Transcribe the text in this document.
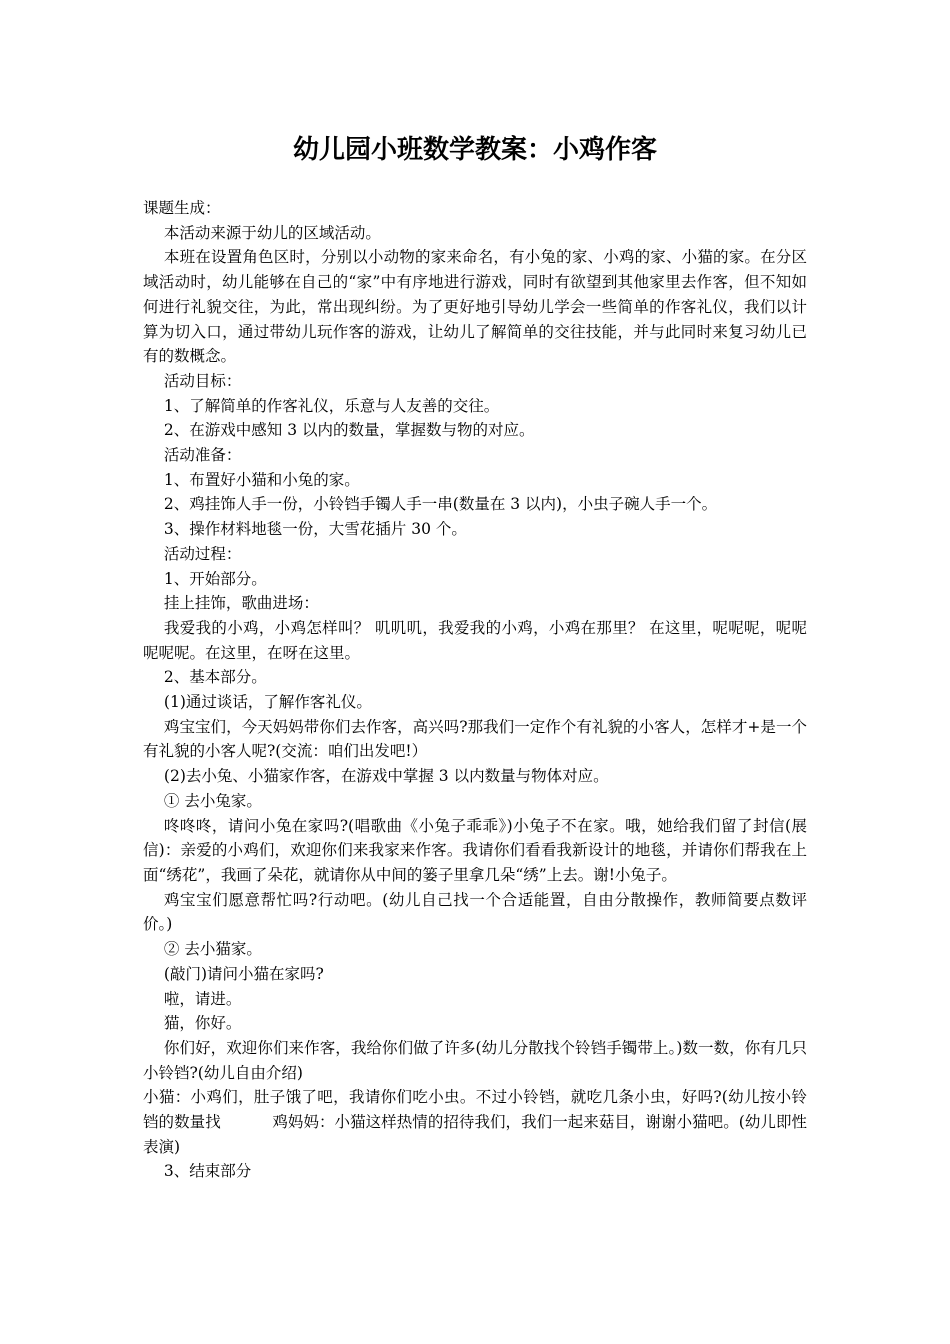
幼儿园小班数学教案：小鸡作客

课题生成：

本活动来源于幼儿的区域活动。

本班在设置角色区时，分别以小动物的家来命名，有小兔的家、小鸡的家、小猫的家。在分区域活动时，幼儿能够在自己的“家”中有序地进行游戏，同时有欲望到其他家里去作客，但不知如何进行礼貌交往，为此，常出现纠纷。为了更好地引导幼儿学会一些简单的作客礼仪，我们以计算为切入口，通过带幼儿玩作客的游戏，让幼儿了解简单的交往技能，并与此同时来复习幼儿已有的数概念。

活动目标：

1、了解简单的作客礼仪，乐意与人友善的交往。

2、在游戏中感知 3 以内的数量，掌握数与物的对应。

活动准备：

1、布置好小猫和小兔的家。

2、鸡挂饰人手一份，小铃铛手镯人手一串(数量在 3 以内)，小虫子碗人手一个。

3、操作材料地毯一份，大雪花插片 30 个。

活动过程：

1、开始部分。

挂上挂饰，歌曲进场：

我爱我的小鸡，小鸡怎样叫？ 叽叽叽，我爱我的小鸡，小鸡在那里？ 在这里，呢呢呢，呢呢　 呢呢呢。在这里，在呀在这里。

2、基本部分。

(1)通过谈话，了解作客礼仪。

鸡宝宝们，今天妈妈带你们去作客，高兴吗?那我们一定作个有礼貌的小客人，怎样才+是一个有礼貌的小客人呢?(交流：咱们出发吧!）

(2)去小兔、小猫家作客，在游戏中掌握 3 以内数量与物体对应。

① 去小兔家。

咚咚咚，请问小兔在家吗?(唱歌曲《小兔子乖乖》)小兔子不在家。哦，她给我们留了封信(展信)：亲爱的小鸡们，欢迎你们来我家来作客。我请你们看看我新设计的地毯，并请你们帮我在上面“绣花”，我画了朵花，就请你从中间的篓子里拿几朵“绣”上去。谢!小兔子。

鸡宝宝们愿意帮忙吗?行动吧。(幼儿自己找一个合适能置，自由分散操作，教师简要点数评价。)

② 去小猫家。

(敲门)请问小猫在家吗?

啦，请进。

猫，你好。

你们好，欢迎你们来作客，我给你们做了许多(幼儿分散找个铃铛手镯带上。)数一数，你有几只小铃铛?(幼儿自由介绍)

小猫：小鸡们，肚子饿了吧，我请你们吃小虫。不过小铃铛，就吃几条小虫，好吗?(幼儿按小铃铛的数量找　　　 鸡妈妈：小猫这样热情的招待我们，我们一起来菇目，谢谢小猫吧。(幼儿即性表演)

3、结束部分
